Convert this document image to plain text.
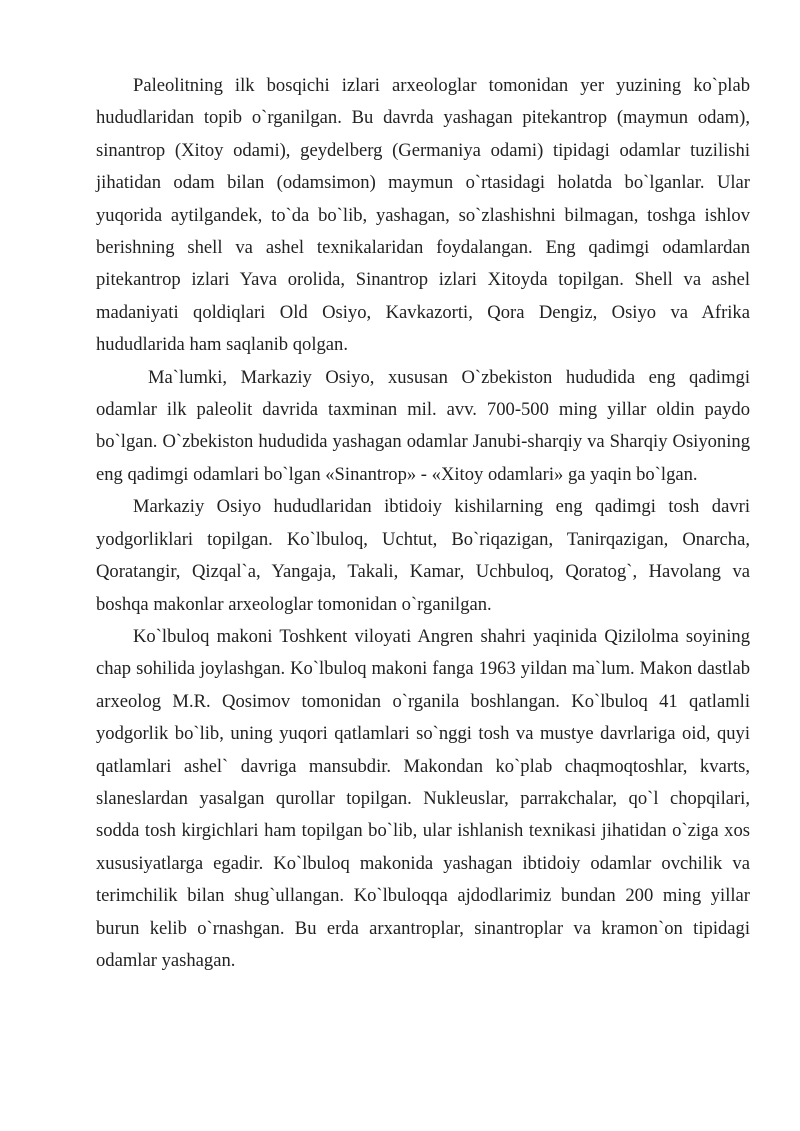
Paleolitning ilk bosqichi izlari arxeologlar tomonidan yer yuzining ko`plab hududlaridan topib o`rganilgan. Bu davrda yashagan pitekantrop (maymun odam), sinantrop (Xitoy odami), geydelberg (Germaniya odami) tipidagi odamlar tuzilishi jihatidan odam bilan (odamsimon) maymun o`rtasidagi holatda bo`lganlar. Ular yuqorida aytilgandek, to`da bo`lib, yashagan, so`zlashishni bilmagan, toshga ishlov berishning shell va ashel texnikalaridan foydalangan. Eng qadimgi odamlardan pitekantrop izlari Yava orolida, Sinantrop izlari Xitoyda topilgan. Shell va ashel madaniyati qoldiqlari Old Osiyo, Kavkazorti, Qora Dengiz, Osiyo va Afrika hududlarida ham saqlanib qolgan.

Ma`lumki, Markaziy Osiyo, xususan O`zbekiston hududida eng qadimgi odamlar ilk paleolit davrida taxminan mil. avv. 700-500 ming yillar oldin paydo bo`lgan. O`zbekiston hududida yashagan odamlar Janubi-sharqiy va Sharqiy Osiyoning eng qadimgi odamlari bo`lgan «Sinantrop» - «Xitoy odamlari» ga yaqin bo`lgan.

Markaziy Osiyo hududlaridan ibtidoiy kishilarning eng qadimgi tosh davri yodgorliklari topilgan. Ko`lbuloq, Uchtut, Bo`riqazigan, Tanirqazigan, Onarcha, Qoratangir, Qizqal`a, Yangaja, Takali, Kamar, Uchbuloq, Qoratog`, Havolang va boshqa makonlar arxeologlar tomonidan o`rganilgan.

Ko`lbuloq makoni Toshkent viloyati Angren shahri yaqinida Qizilolma soyining chap sohilida joylashgan. Ko`lbuloq makoni fanga 1963 yildan ma`lum. Makon dastlab arxeolog M.R. Qosimov tomonidan o`rganila boshlangan. Ko`lbuloq 41 qatlamli yodgorlik bo`lib, uning yuqori qatlamlari so`nggi tosh va mustye davrlariga oid, quyi qatlamlari ashel` davriga mansubdir. Makondan ko`plab chaqmoqtoshlar, kvarts, slaneslardan yasalgan qurollar topilgan. Nukleuslar, parrakchalar, qo`l chopqilari, sodda tosh kirgichlari ham topilgan bo`lib, ular ishlanish texnikasi jihatidan o`ziga xos xususiyatlarga egadir. Ko`lbuloq makonida yashagan ibtidoiy odamlar ovchilik va terimchilik bilan shug`ullangan. Ko`lbuloqqa ajdodlarimiz bundan 200 ming yillar burun kelib o`rnashgan. Bu erda arxantroplar, sinantroplar va kramon`on tipidagi odamlar yashagan.
